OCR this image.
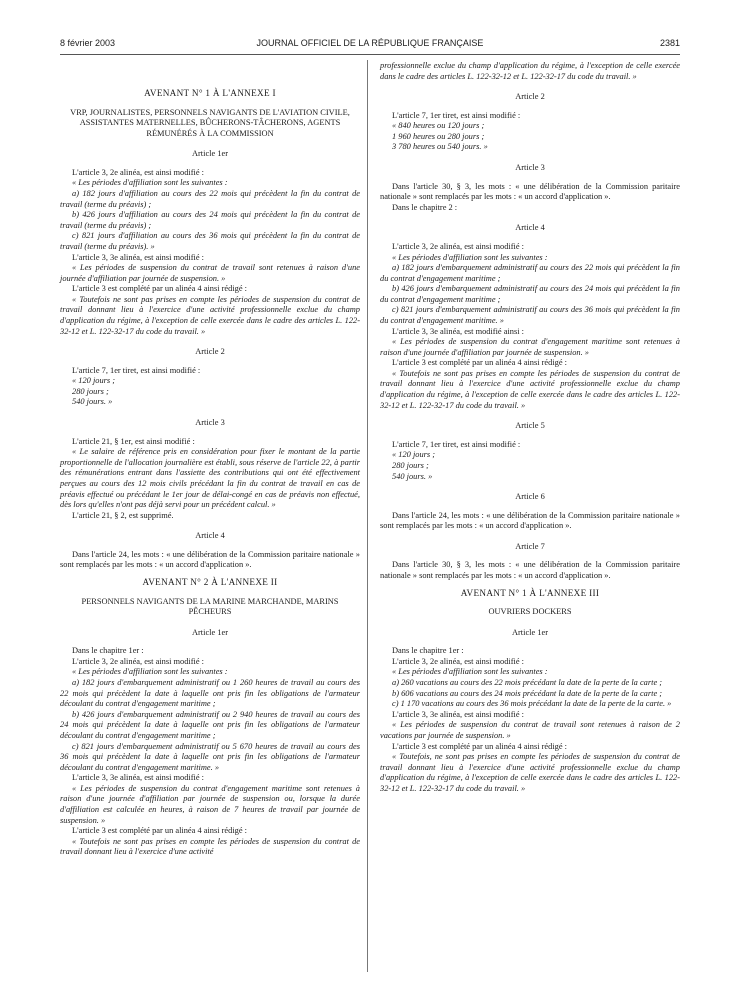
8 février 2003	JOURNAL OFFICIEL DE LA RÉPUBLIQUE FRANÇAISE	2381

AVENANT N° 1 À L'ANNEXE I

VRP, JOURNALISTES, PERSONNELS NAVIGANTS DE L'AVIATION CIVILE, ASSISTANTES MATERNELLES, BÛCHERONS-TÂCHERONS, AGENTS RÉMUNÉRÉS À LA COMMISSION

Article 1er

L'article 3, 2e alinéa, est ainsi modifié :

« Les périodes d'affiliation sont les suivantes :

a) 182 jours d'affiliation au cours des 22 mois qui précèdent la fin du contrat de travail (terme du préavis) ;

b) 426 jours d'affiliation au cours des 24 mois qui précèdent la fin du contrat de travail (terme du préavis) ;

c) 821 jours d'affiliation au cours des 36 mois qui précèdent la fin du contrat de travail (terme du préavis). »

L'article 3, 3e alinéa, est ainsi modifié :

« Les périodes de suspension du contrat de travail sont retenues à raison d'une journée d'affiliation par journée de suspension. »

L'article 3 est complété par un alinéa 4 ainsi rédigé :

« Toutefois ne sont pas prises en compte les périodes de suspension du contrat de travail donnant lieu à l'exercice d'une activité professionnelle exclue du champ d'application du régime, à l'exception de celle exercée dans le cadre des articles L. 122-32-12 et L. 122-32-17 du code du travail. »

Article 2

L'article 7, 1er tiret, est ainsi modifié :

« 120 jours ;

280 jours ;

540 jours. »

Article 3

L'article 21, § 1er, est ainsi modifié :

« Le salaire de référence pris en considération pour fixer le montant de la partie proportionnelle de l'allocation journalière est établi, sous réserve de l'article 22, à partir des rémunérations entrant dans l'assiette des contributions qui ont été effectivement perçues au cours des 12 mois civils précédant la fin du contrat de travail en cas de préavis effectué ou précédant le 1er jour de délai-congé en cas de préavis non effectué, dès lors qu'elles n'ont pas déjà servi pour un précédent calcul. »

L'article 21, § 2, est supprimé.

Article 4

Dans l'article 24, les mots : « une délibération de la Commission paritaire nationale » sont remplacés par les mots : « un accord d'application ».

AVENANT N° 2 À L'ANNEXE II

PERSONNELS NAVIGANTS DE LA MARINE MARCHANDE, MARINS PÊCHEURS

Article 1er

Dans le chapitre 1er :

L'article 3, 2e alinéa, est ainsi modifié :

« Les périodes d'affiliation sont les suivantes :

a) 182 jours d'embarquement administratif ou 1 260 heures de travail au cours des 22 mois qui précèdent la date à laquelle ont pris fin les obligations de l'armateur découlant du contrat d'engagement maritime ;

b) 426 jours d'embarquement administratif ou 2 940 heures de travail au cours des 24 mois qui précèdent la date à laquelle ont pris fin les obligations de l'armateur découlant du contrat d'engagement maritime ;

c) 821 jours d'embarquement administratif ou 5 670 heures de travail au cours des 36 mois qui précèdent la date à laquelle ont pris fin les obligations de l'armateur découlant du contrat d'engagement maritime. »

L'article 3, 3e alinéa, est ainsi modifié :

« Les périodes de suspension du contrat d'engagement maritime sont retenues à raison d'une journée d'affiliation par journée de suspension ou, lorsque la durée d'affiliation est calculée en heures, à raison de 7 heures de travail par journée de suspension. »

L'article 3 est complété par un alinéa 4 ainsi rédigé :

« Toutefois ne sont pas prises en compte les périodes de suspension du contrat de travail donnant lieu à l'exercice d'une activité

professionnelle exclue du champ d'application du régime, à l'exception de celle exercée dans le cadre des articles L. 122-32-12 et L. 122-32-17 du code du travail. »

Article 2

L'article 7, 1er tiret, est ainsi modifié :

« 840 heures ou 120 jours ;

1 960 heures ou 280 jours ;

3 780 heures ou 540 jours. »

Article 3

Dans l'article 30, § 3, les mots : « une délibération de la Commission paritaire nationale » sont remplacés par les mots : « un accord d'application ».

Dans le chapitre 2 :

Article 4

L'article 3, 2e alinéa, est ainsi modifié :

« Les périodes d'affiliation sont les suivantes :

a) 182 jours d'embarquement administratif au cours des 22 mois qui précèdent la fin du contrat d'engagement maritime ;

b) 426 jours d'embarquement administratif au cours des 24 mois qui précèdent la fin du contrat d'engagement maritime ;

c) 821 jours d'embarquement administratif au cours des 36 mois qui précèdent la fin du contrat d'engagement maritime. »

L'article 3, 3e alinéa, est modifié ainsi :

« Les périodes de suspension du contrat d'engagement maritime sont retenues à raison d'une journée d'affiliation par journée de suspension. »

L'article 3 est complété par un alinéa 4 ainsi rédigé :

« Toutefois ne sont pas prises en compte les périodes de suspension du contrat de travail donnant lieu à l'exercice d'une activité professionnelle exclue du champ d'application du régime, à l'exception de celle exercée dans le cadre des articles L. 122-32-12 et L. 122-32-17 du code du travail. »

Article 5

L'article 7, 1er tiret, est ainsi modifié :

« 120 jours ;

280 jours ;

540 jours. »

Article 6

Dans l'article 24, les mots : « une délibération de la Commission paritaire nationale » sont remplacés par les mots : « un accord d'application ».

Article 7

Dans l'article 30, § 3, les mots : « une délibération de la Commission paritaire nationale » sont remplacés par les mots : « un accord d'application ».

AVENANT N° 1 À L'ANNEXE III

OUVRIERS DOCKERS

Article 1er

Dans le chapitre 1er :

L'article 3, 2e alinéa, est ainsi modifié :

« Les périodes d'affiliation sont les suivantes :

a) 260 vacations au cours des 22 mois précédant la date de la perte de la carte ;

b) 606 vacations au cours des 24 mois précédant la date de la perte de la carte ;

c) 1 170 vacations au cours des 36 mois précédant la date de la perte de la carte. »

L'article 3, 3e alinéa, est ainsi modifié :

« Les périodes de suspension du contrat de travail sont retenues à raison de 2 vacations par journée de suspension. »

L'article 3 est complété par un alinéa 4 ainsi rédigé :

« Toutefois, ne sont pas prises en compte les périodes de suspension du contrat de travail donnant lieu à l'exercice d'une activité professionnelle exclue du champ d'application du régime, à l'exception de celle exercée dans le cadre des articles L. 122-32-12 et L. 122-32-17 du code du travail. »
